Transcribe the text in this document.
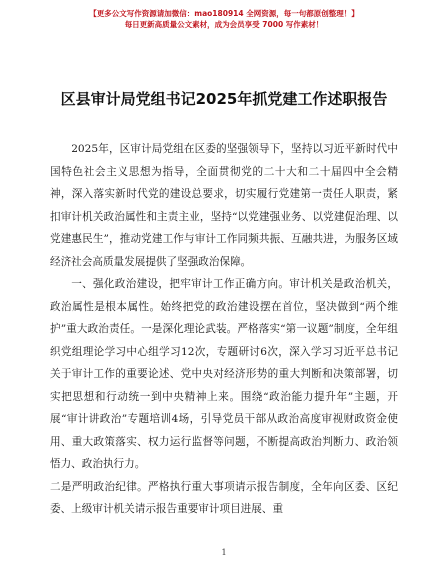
【更多公文写作资源请加微信：mao180914 全网资源，每一句都原创整理！】
每日更新高质量公文素材，成为会员享受 7000 写作素材！
区县审计局党组书记2025年抓党建工作述职报告

2025年，区审计局党组在区委的坚强领导下，坚持以习近平新时代中国特色社会主义思想为指导，全面贯彻党的二十大和二十届四中全会精神，深入落实新时代党的建设总要求，切实履行党建第一责任人职责，紧扣审计机关政治属性和主责主业，坚持“以党建强业务、以党建促治理、以党建惠民生”，推动党建工作与审计工作同频共振、互融共进，为服务区域经济社会高质量发展提供了坚强政治保障。

一、强化政治建设，把牢审计工作正确方向。审计机关是政治机关，政治属性是根本属性。始终把党的政治建设摆在首位，坚决做到“两个维护”重大政治责任。一是深化理论武装。严格落实“第一议题”制度，全年组织党组理论学习中心组学习12次，专题研讨6次，深入学习习近平总书记关于审计工作的重要论述、党中央对经济形势的重大判断和决策部署，切实把思想和行动统一到中央精神上来。围绕“政治能力提升年”主题，开展“审计讲政治”专题培训4场，引导党员干部从政治高度审视财政资金使用、重大政策落实、权力运行监督等问题，不断提高政治判断力、政治领悟力、政治执行力。

二是严明政治纪律。严格执行重大事项请示报告制度，全年向区委、区纪委、上级审计机关请示报告重要审计项目进展、重

1
